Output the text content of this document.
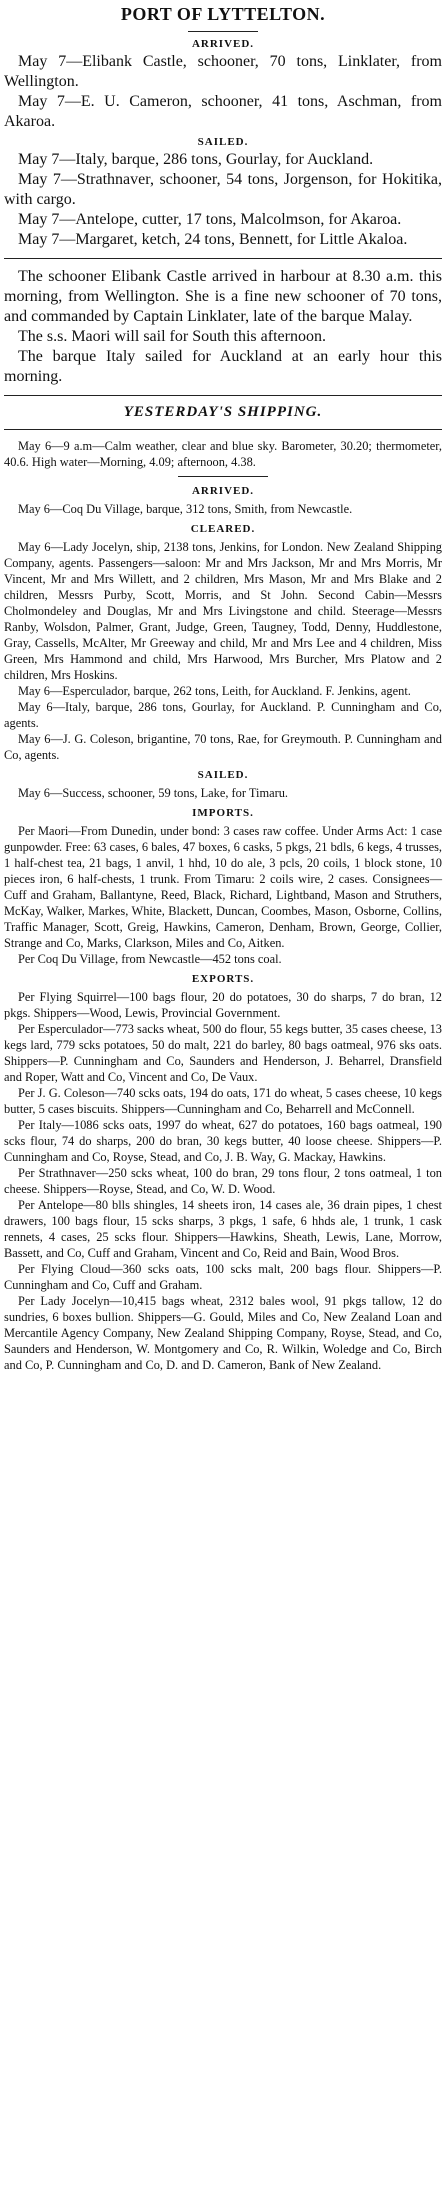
PORT OF LYTTELTON.
ARRIVED.

May 7—Elibank Castle, schooner, 70 tons, Linklater, from Wellington.

May 7—E. U. Cameron, schooner, 41 tons, Aschman, from Akaroa.

SAILED.

May 7—Italy, barque, 286 tons, Gourlay, for Auckland.

May 7—Strathnaver, schooner, 54 tons, Jorgenson, for Hokitika, with cargo.

May 7—Antelope, cutter, 17 tons, Malcolmson, for Akaroa.

May 7—Margaret, ketch, 24 tons, Bennett, for Little Akaloa.

The schooner Elibank Castle arrived in harbour at 8.30 a.m. this morning, from Wellington. She is a fine new schooner of 70 tons, and commanded by Captain Linklater, late of the barque Malay.

The s.s. Maori will sail for South this afternoon.

The barque Italy sailed for Auckland at an early hour this morning.

YESTERDAY'S SHIPPING.

May 6—9 a.m—Calm weather, clear and blue sky. Barometer, 30.20; thermometer, 40.6. High water—Morning, 4.09; afternoon, 4.38.

ARRIVED.

May 6—Coq Du Village, barque, 312 tons, Smith, from Newcastle.

CLEARED.

May 6—Lady Jocelyn, ship, 2138 tons, Jenkins, for London. New Zealand Shipping Company, agents. Passengers—saloon: Mr and Mrs Jackson, Mr and Mrs Morris, Mr Vincent, Mr and Mrs Willett, and 2 children, Mrs Mason, Mr and Mrs Blake and 2 children, Messrs Purby, Scott, Morris, and St John. Second Cabin—Messrs Cholmondeley and Douglas, Mr and Mrs Livingstone and child. Steerage—Messrs Ranby, Wolsdon, Palmer, Grant, Judge, Green, Taugney, Todd, Denny, Huddlestone, Gray, Cassells, McAlter, Mr Greeway and child, Mr and Mrs Lee and 4 children, Miss Green, Mrs Hammond and child, Mrs Harwood, Mrs Burcher, Mrs Platow and 2 children, Mrs Hoskins.

May 6—Esperculador, barque, 262 tons, Leith, for Auckland. F. Jenkins, agent.

May 6—Italy, barque, 286 tons, Gourlay, for Auckland. P. Cunningham and Co, agents.

May 6—J. G. Coleson, brigantine, 70 tons, Rae, for Greymouth. P. Cunningham and Co, agents.

SAILED.

May 6—Success, schooner, 59 tons, Lake, for Timaru.

IMPORTS.

Per Maori—From Dunedin, under bond: 3 cases raw coffee. Under Arms Act: 1 case gunpowder. Free: 63 cases, 6 bales, 47 boxes, 6 casks, 5 pkgs, 21 bdls, 6 kegs, 4 trusses, 1 half-chest tea, 21 bags, 1 anvil, 1 hhd, 10 do ale, 3 pcls, 20 coils, 1 block stone, 10 pieces iron, 6 half-chests, 1 trunk. From Timaru: 2 coils wire, 2 cases. Consignees—Cuff and Graham, Ballantyne, Reed, Black, Richard, Lightband, Mason and Struthers, McKay, Walker, Markes, White, Blackett, Duncan, Coombes, Mason, Osborne, Collins, Traffic Manager, Scott, Greig, Hawkins, Cameron, Denham, Brown, George, Collier, Strange and Co, Marks, Clarkson, Miles and Co, Aitken.

Per Coq Du Village, from Newcastle—452 tons coal.

EXPORTS.

Per Flying Squirrel—100 bags flour, 20 do potatoes, 30 do sharps, 7 do bran, 12 pkgs. Shippers—Wood, Lewis, Provincial Government.

Per Esperculador—773 sacks wheat, 500 do flour, 55 kegs butter, 35 cases cheese, 13 kegs lard, 779 scks potatoes, 50 do malt, 221 do barley, 80 bags oatmeal, 976 sks oats. Shippers—P. Cunningham and Co, Saunders and Henderson, J. Beharrel, Dransfield and Roper, Watt and Co, Vincent and Co, De Vaux.

Per J. G. Coleson—740 scks oats, 194 do oats, 171 do wheat, 5 cases cheese, 10 kegs butter, 5 cases biscuits. Shippers—Cunningham and Co, Beharrell and McConnell.

Per Italy—1086 scks oats, 1997 do wheat, 627 do potatoes, 160 bags oatmeal, 190 scks flour, 74 do sharps, 200 do bran, 30 kegs butter, 40 loose cheese. Shippers—P. Cunningham and Co, Royse, Stead, and Co, J. B. Way, G. Mackay, Hawkins.

Per Strathnaver—250 scks wheat, 100 do bran, 29 tons flour, 2 tons oatmeal, 1 ton cheese. Shippers—Royse, Stead, and Co, W. D. Wood.

Per Antelope—80 blls shingles, 14 sheets iron, 14 cases ale, 36 drain pipes, 1 chest drawers, 100 bags flour, 15 scks sharps, 3 pkgs, 1 safe, 6 hhds ale, 1 trunk, 1 cask rennets, 4 cases, 25 scks flour. Shippers—Hawkins, Sheath, Lewis, Lane, Morrow, Bassett, and Co, Cuff and Graham, Vincent and Co, Reid and Bain, Wood Bros.

Per Flying Cloud—360 scks oats, 100 scks malt, 200 bags flour. Shippers—P. Cunningham and Co, Cuff and Graham.

Per Lady Jocelyn—10,415 bags wheat, 2312 bales wool, 91 pkgs tallow, 12 do sundries, 6 boxes bullion. Shippers—G. Gould, Miles and Co, New Zealand Loan and Mercantile Agency Company, New Zealand Shipping Company, Royse, Stead, and Co, Saunders and Henderson, W. Montgomery and Co, R. Wilkin, Woledge and Co, Birch and Co, P. Cunningham and Co, D. and D. Cameron, Bank of New Zealand.
